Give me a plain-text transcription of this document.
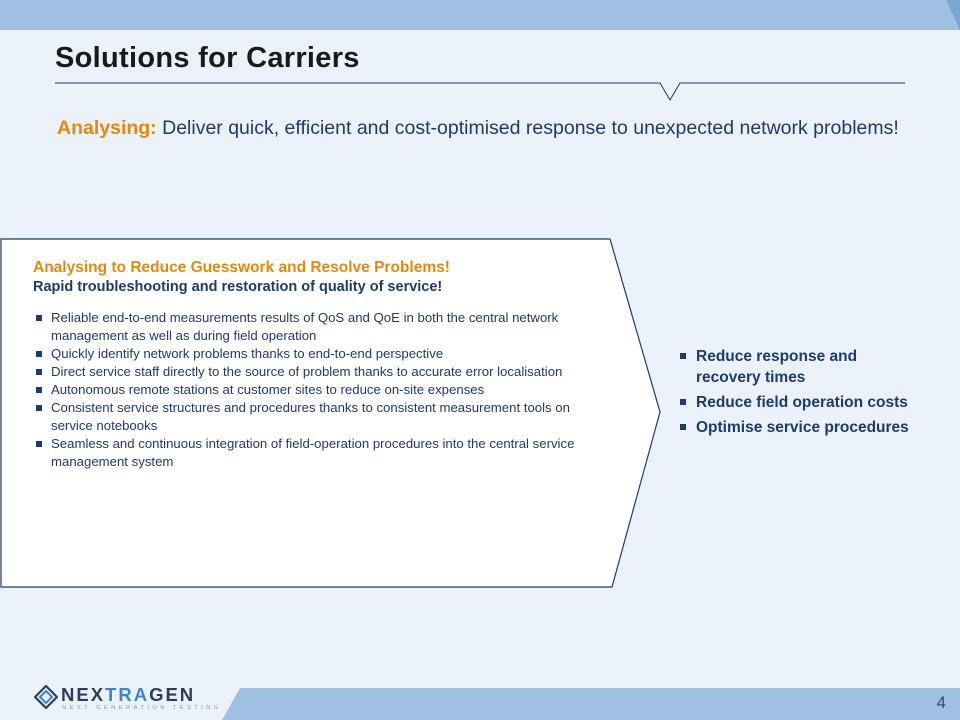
Solutions for Carriers

Analysing: Deliver quick, efficient and cost-optimised response to unexpected network problems!

Analysing to Reduce Guesswork and Resolve Problems!
Rapid troubleshooting and restoration of quality of service!
Reliable end-to-end measurements results of QoS and QoE in both the central network management as well as during field operation
Quickly identify network problems thanks to end-to-end perspective
Direct service staff directly to the source of problem thanks to accurate error localisation
Autonomous remote stations at customer sites to reduce on-site expenses
Consistent service structures and procedures thanks to consistent measurement tools on service notebooks
Seamless and continuous integration of field-operation procedures into the central service management system
Reduce response and recovery times
Reduce field operation costs
Optimise service procedures
4
NEXTRAGEN
NEXT GENERATION TESTING
